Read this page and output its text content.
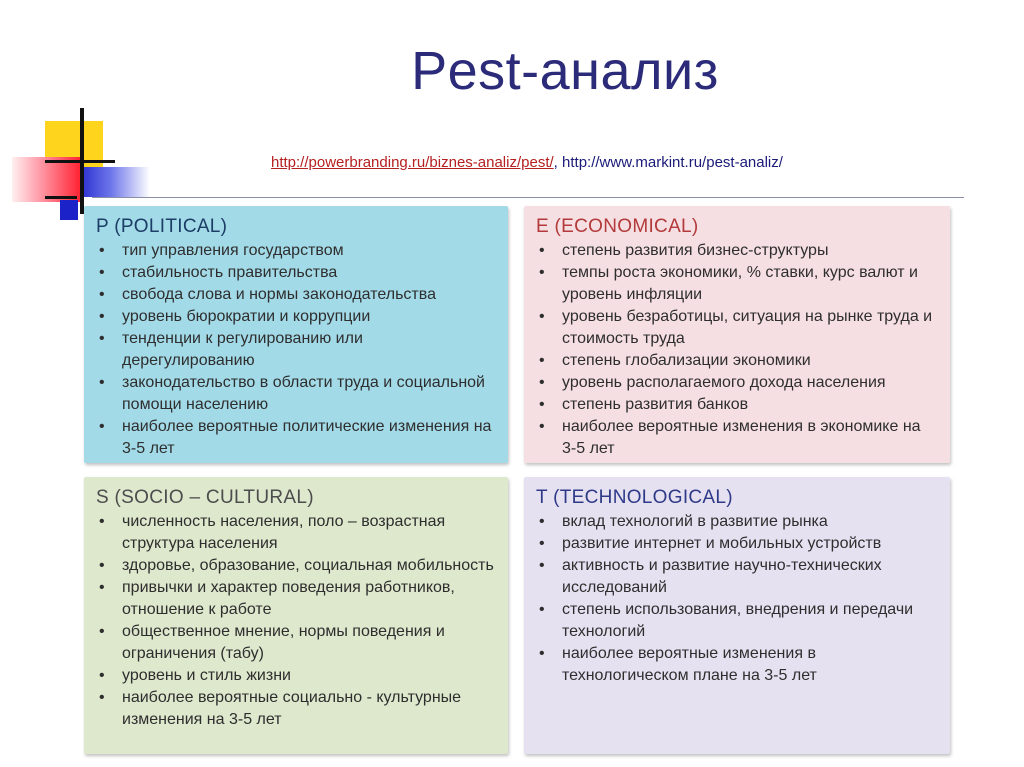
Pest-анализ
http://powerbranding.ru/biznes-analiz/pest/, http://www.markint.ru/pest-analiz/
P (POLITICAL)
• тип управления государством
• стабильность правительства
• свобода слова и нормы законодательства
• уровень бюрократии и коррупции
• тенденции к регулированию или дерегулированию
• законодательство в области труда и социальной помощи населению
• наиболее вероятные политические изменения на 3-5 лет
E (ECONOMICAL)
• степень развития бизнес-структуры
• темпы роста экономики, % ставки, курс валют и уровень инфляции
• уровень безработицы, ситуация на рынке труда и стоимость труда
• степень глобализации экономики
• уровень располагаемого дохода населения
• степень развития банков
• наиболее вероятные изменения в экономике на 3-5 лет
S (SOCIO – CULTURAL)
• численность населения, поло – возрастная структура населения
• здоровье, образование, социальная мобильность
• привычки и характер поведения работников, отношение к работе
• общественное мнение, нормы поведения и ограничения (табу)
• уровень и стиль жизни
• наиболее вероятные социально - культурные изменения на 3-5 лет
T (TECHNOLOGICAL)
• вклад технологий в развитие рынка
• развитие интернет и мобильных устройств
• активность и развитие научно-технических исследований
• степень использования, внедрения и передачи технологий
• наиболее вероятные изменения в технологическом плане на 3-5 лет
